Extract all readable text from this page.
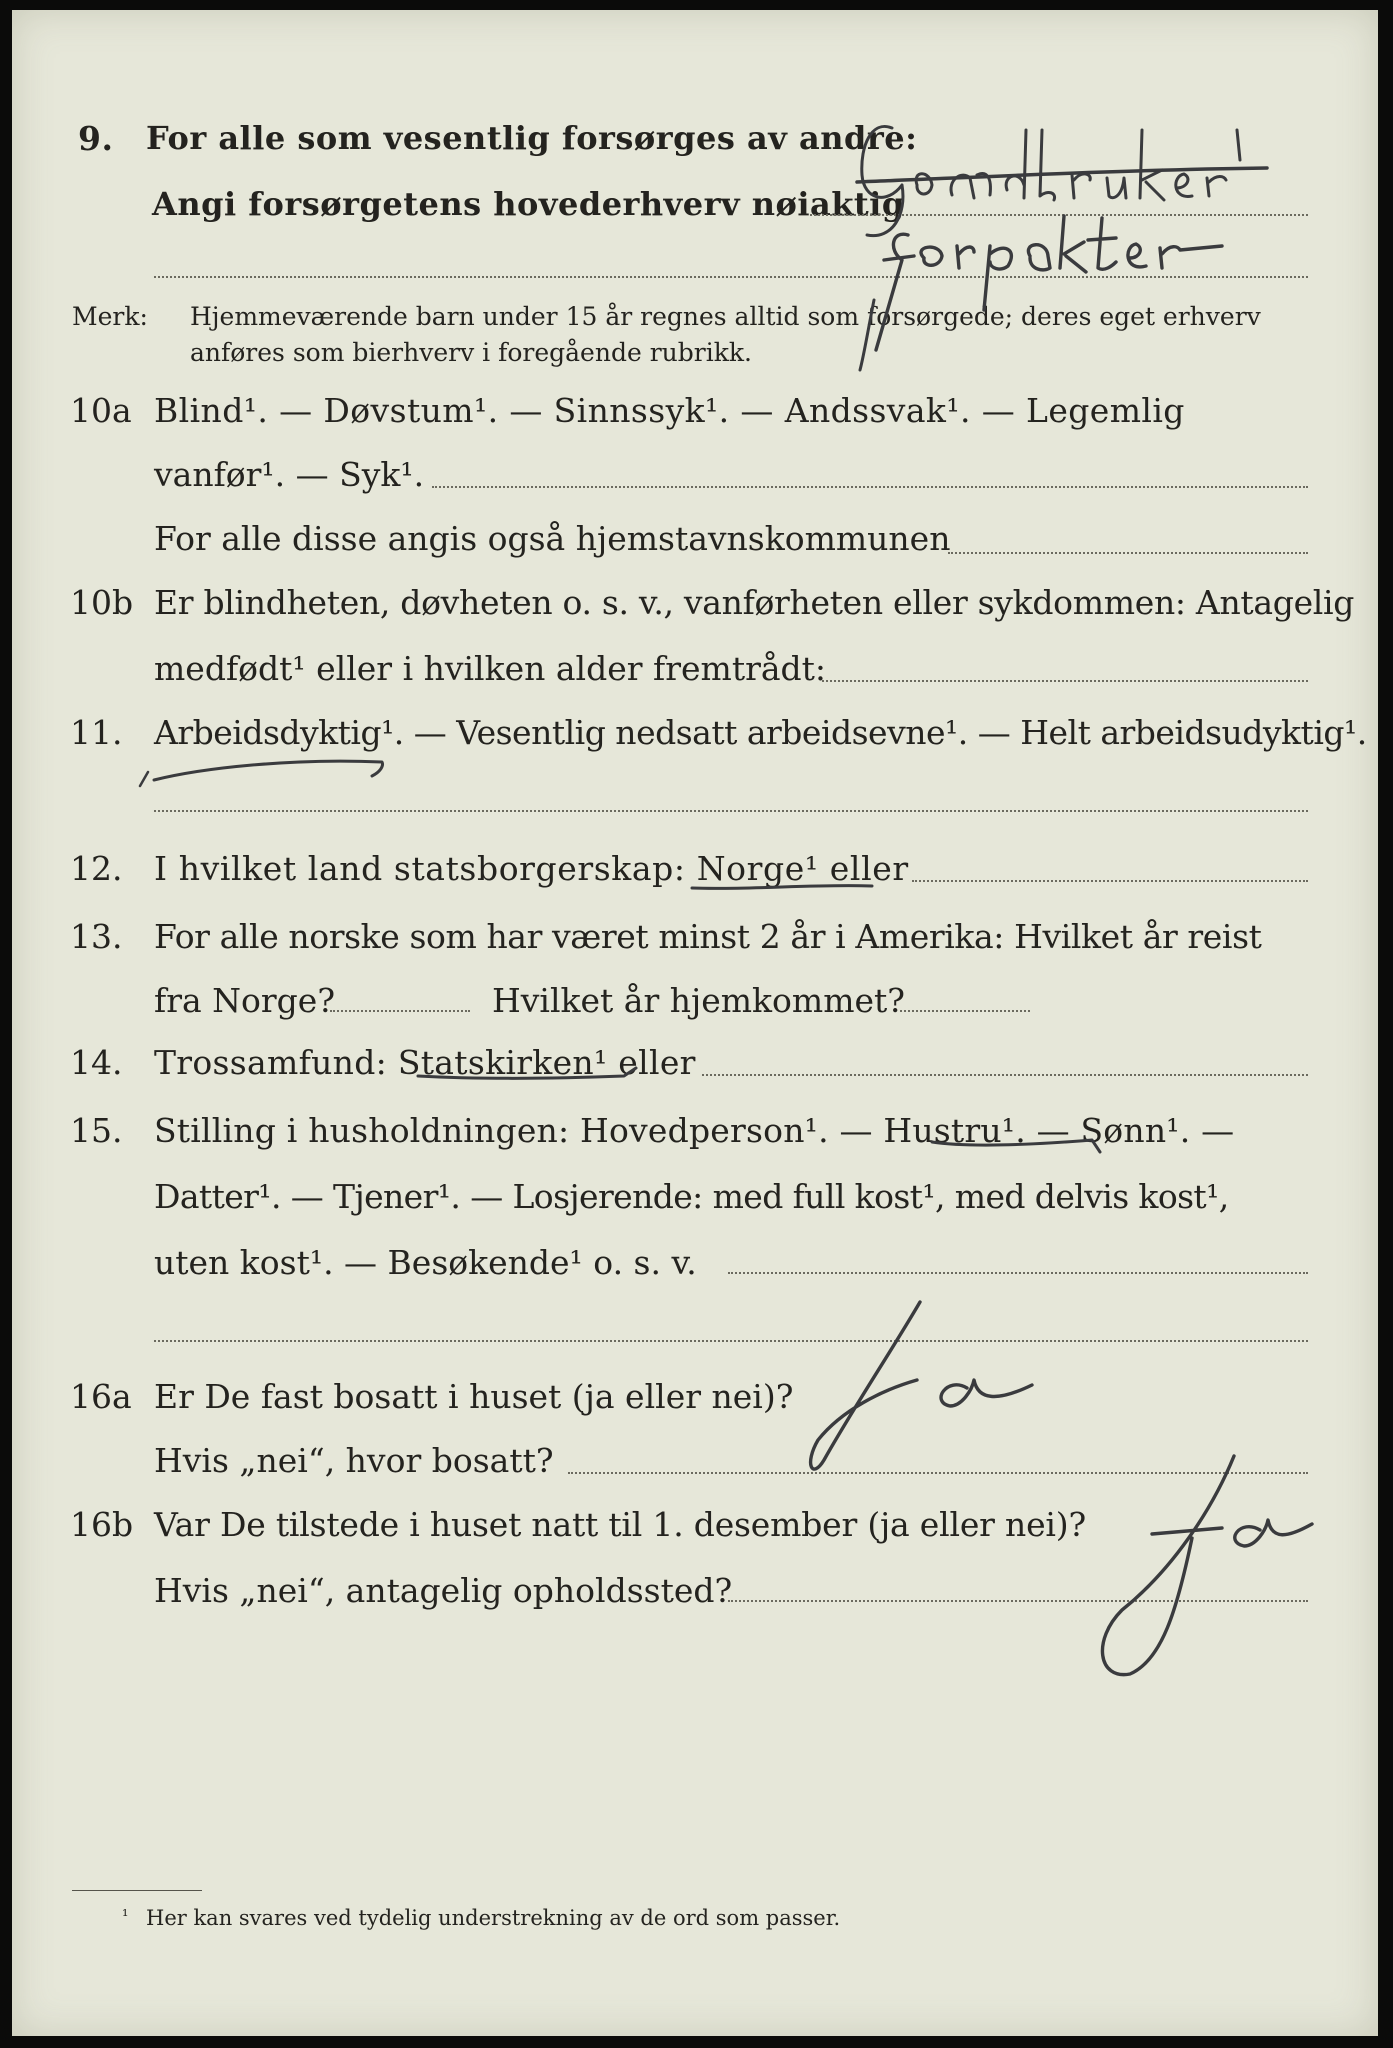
9. For alle som vesentlig forsørges av andre:
Angi forsørgetens hovederhverv nøiaktig
Merk: Hjemmeværende barn under 15 år regnes alltid som forsørgede; deres eget erhverv
anføres som bierhverv i foregående rubrikk.
10a Blind¹. — Døvstum¹. — Sinnssyk¹. — Andssvak¹. — Legemlig
vanfør¹. — Syk¹.
For alle disse angis også hjemstavnskommunen
10b Er blindheten, døvheten o. s. v., vanførheten eller sykdommen: Antagelig
medfødt¹ eller i hvilken alder fremtrådt:
11. Arbeidsdyktig¹. — Vesentlig nedsatt arbeidsevne¹. — Helt arbeidsudyktig¹.
12. I hvilket land statsborgerskap: Norge¹ eller
13. For alle norske som har været minst 2 år i Amerika: Hvilket år reist
fra Norge?	Hvilket år hjemkommet?
14. Trossamfund: Statskirken¹ eller
15. Stilling i husholdningen: Hovedperson¹. — Hustru¹. — Sønn¹. —
Datter¹. — Tjener¹. — Losjerende: med full kost¹, med delvis kost¹,
uten kost¹. — Besøkende¹ o. s. v.
16a Er De fast bosatt i huset (ja eller nei)?
Hvis „nei“, hvor bosatt?
16b Var De tilstede i huset natt til 1. desember (ja eller nei)?
Hvis „nei“, antagelig opholdssted?
¹ Her kan svares ved tydelig understrekning av de ord som passer.
